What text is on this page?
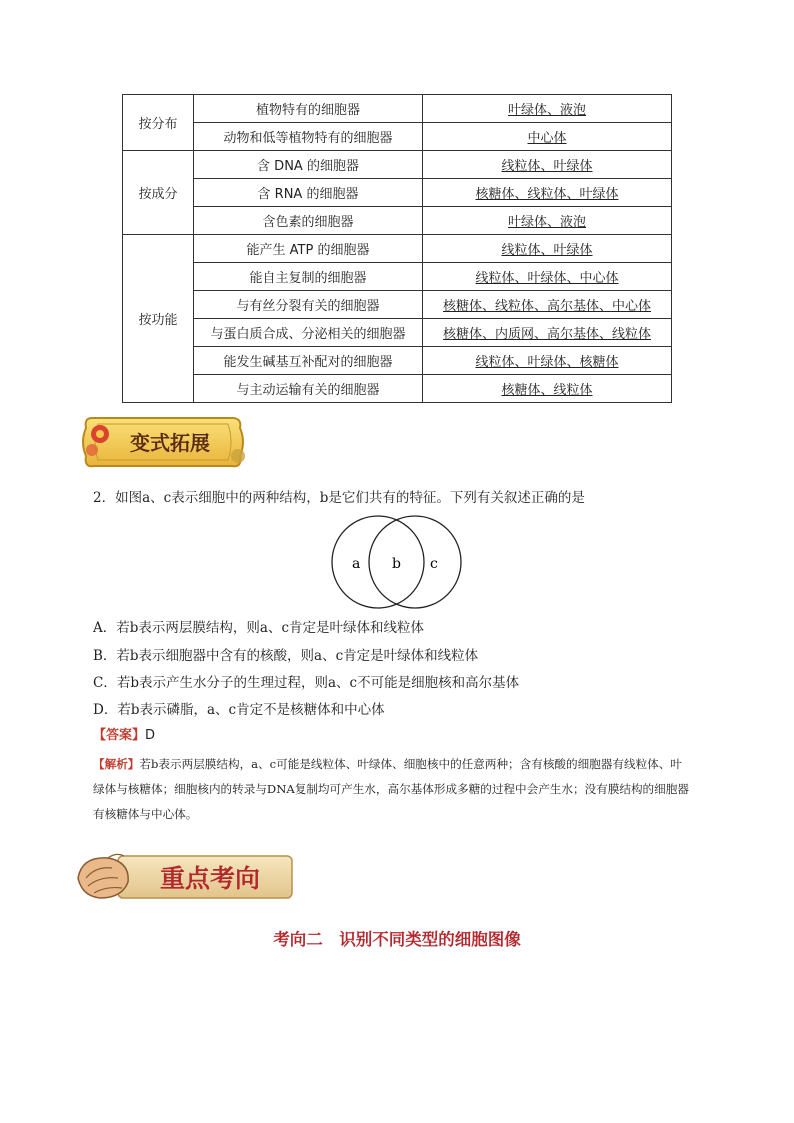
按分布	植物特有的细胞器	叶绿体、液泡
	动物和低等植物特有的细胞器	中心体
按成分	含 DNA 的细胞器	线粒体、叶绿体
	含 RNA 的细胞器	核糖体、线粒体、叶绿体
	含色素的细胞器	叶绿体、液泡
按功能	能产生 ATP 的细胞器	线粒体、叶绿体
	能自主复制的细胞器	线粒体、叶绿体、中心体
	与有丝分裂有关的细胞器	核糖体、线粒体、高尔基体、中心体
	与蛋白质合成、分泌相关的细胞器	核糖体、内质网、高尔基体、线粒体
	能发生碱基互补配对的细胞器	线粒体、叶绿体、核糖体
	与主动运输有关的细胞器	核糖体、线粒体
变式拓展
2．如图a、c表示细胞中的两种结构，b是它们共有的特征。下列有关叙述正确的是
a b c
A．若b表示两层膜结构，则a、c肯定是叶绿体和线粒体
B．若b表示细胞器中含有的核酸，则a、c肯定是叶绿体和线粒体
C．若b表示产生水分子的生理过程，则a、c不可能是细胞核和高尔基体
D．若b表示磷脂，a、c肯定不是核糖体和中心体
【答案】D
【解析】若b表示两层膜结构，a、c可能是线粒体、叶绿体、细胞核中的任意两种；含有核酸的细胞器有线粒体、叶绿体与核糖体；细胞核内的转录与DNA复制均可产生水，高尔基体形成多糖的过程中会产生水；没有膜结构的细胞器有核糖体与中心体。
重点考向
考向二　识别不同类型的细胞图像
